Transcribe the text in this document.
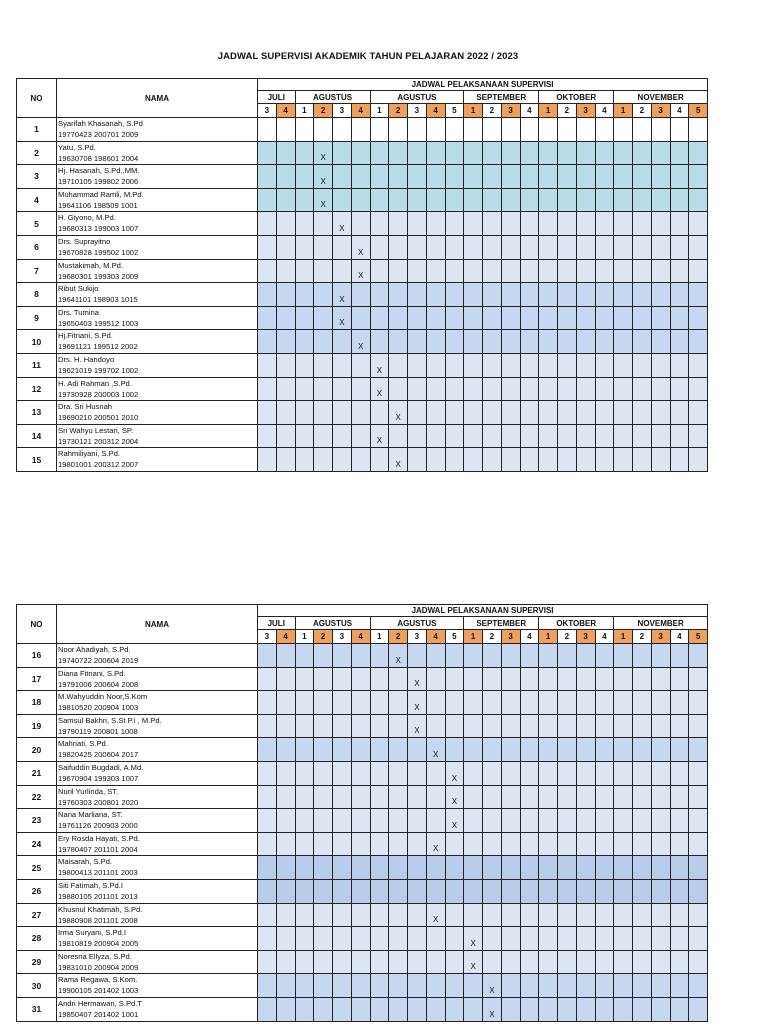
JADWAL SUPERVISI AKADEMIK TAHUN PELAJARAN 2022 / 2023
NO	NAMA	JADWAL PELAKSANAAN SUPERVISI																							
		JULI		AGUSTUS				AGUSTUS					SEPTEMBER				OKTOBER				NOVEMBER				
		3	4	1	2	3	4	1	2	3	4	5	1	2	3	4	1	2	3	4	1	2	3	4	5
1	Syarifah Khasanah, S.Pd
19770423 200701 2009																								

2	Yatu, S.Pd.
19630708 198601 2004				X																				
3	Hj. Hasanah, S.Pd.,MM.
19710105 199802 2006				X																				
4	Muhammad Ramli, M.Pd.
19641106 198509 1001				X																				
5	H. Giyono, M.Pd.
19680313 199003 1007					X																			
6	Drs. Suprayitno
19670828 199502 1002						X																		
7	Mustakimah, M.Pd.
19680301 199303 2009						X																		
8	Ribut Sukijo
19641101 198903 1015					X																			
9	Drs. Tumina
19650403 199512 1003					X																			
10	Hj.Fitriani, S.Pd.
19691121 199512 2002						X																		
11	Drs. H. Handoyo
19621019 199702 1002							X																	
12	H. Adi Rahman ,S.Pd.
19730928 200003 1002							X																	
13	Dra. Sri Husnah
19690210 200501 2010								X																
14	Sri Wahyu Lestari, SP.
19730121 200312 2004							X																	
15	Rahmiliyani, S.Pd.
19801001 200312 2007								X																
NO	NAMA	JADWAL PELAKSANAAN SUPERVISI																							
		JULI		AGUSTUS				AGUSTUS					SEPTEMBER				OKTOBER				NOVEMBER				
		3	4	1	2	3	4	1	2	3	4	5	1	2	3	4	1	2	3	4	1	2	3	4	5
16	Noor Ahadiyah, S.Pd.
19740722 200604 2019								X																
17	Diana Fitriani, S.Pd.
19791006 200604 2008									X															
18	M.Wahyuddin Noor,S.Kom
19810520 200904 1003									X															
19	Samsul Bakhri, S.St P.i , M.Pd.
19790119 200801 1008									X															
20	Mahriati, S.Pd.
19820425 200604 2017										X														
21	Saifuddin Bugdadi, A.Md.
19670904 199303 1007											X													
22	Nuril Yurlinda, ST.
19760303 200801 2020											X													
23	Nana Marliana, ST.
19761126 200903 2000											X													
24	Ery Rosda Hayati, S.Pd.
19780407 201101 2004										X														
25	Maisarah, S.Pd.
19800413 201101 2003																								

26	Siti Fatimah, S.Pd.I
19880105 201101 2013																								

27	Khusnul Khatimah, S.Pd.
19880908 201101 2008										X														
28	Irma Suryani, S.Pd.I
19810819 200904 2005												X												
29	Noresna Ellyza, S.Pd.
19831010 200904 2009												X												
30	Rama Regawa, S.Kom.
19900105 201402 1003													X											
31	Andri Hermawan, S.Pd.T
19850407 201402 1001													X											
